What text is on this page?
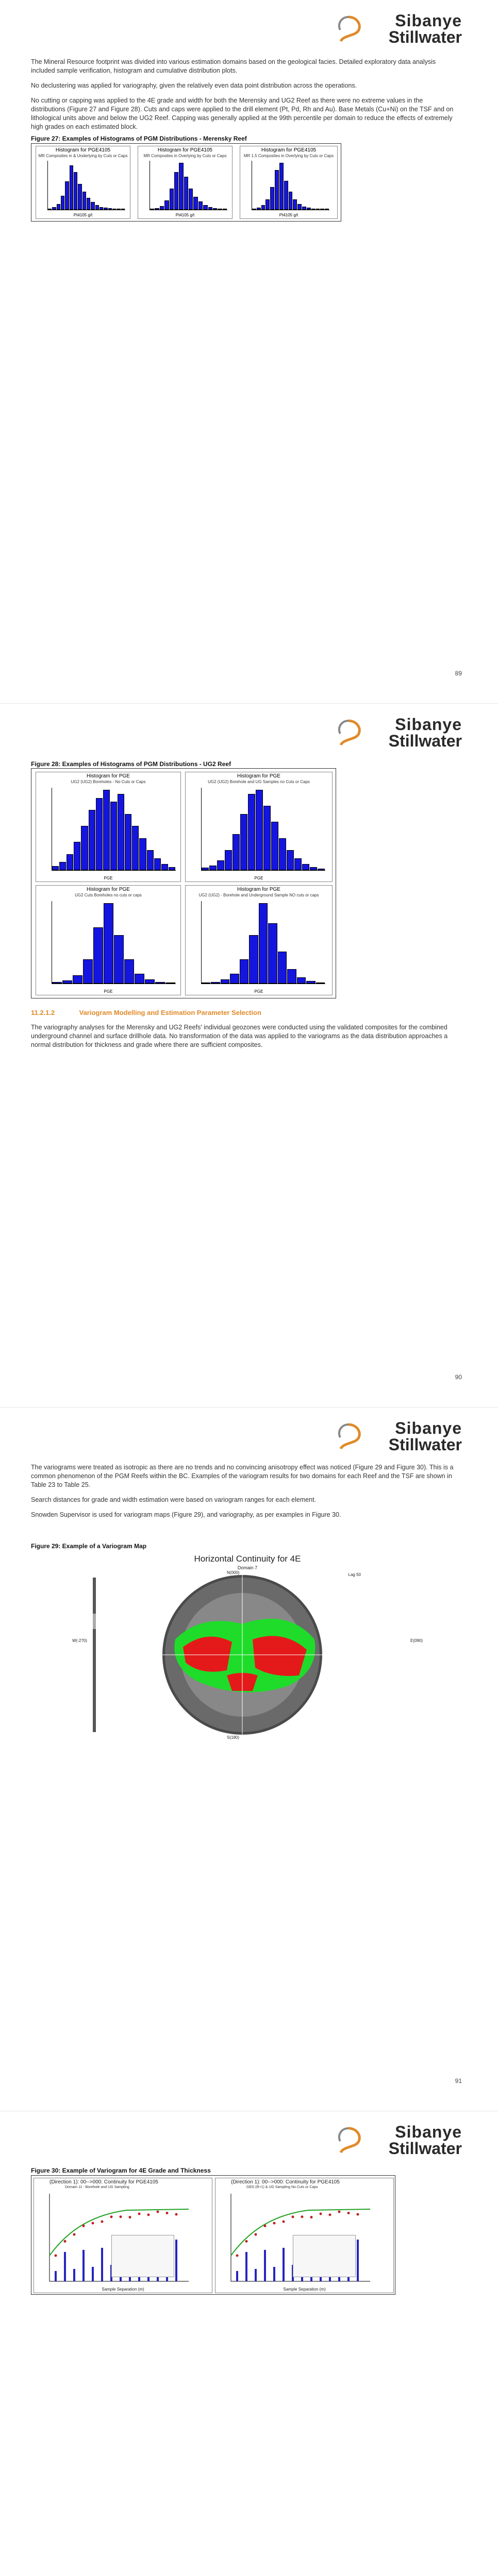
Sibanye
Stillwater

The Mineral Resource footprint was divided into various estimation domains based on the geological facies. Detailed exploratory data analysis included sample verification, histogram and cumulative distribution plots.

No declustering was applied for variography, given the relatively even data point distribution across the operations.

No cutting or capping was applied to the 4E grade and width for both the Merensky and UG2 Reef as there were no extreme values in the distributions (Figure 27 and Figure 28). Cuts and caps were applied to the drill element (Pt, Pd, Rh and Au). Base Metals (Cu+Ni) on the TSF and on lithological units above and below the UG2 Reef. Capping was generally applied at the 99th percentile per domain to reduce the effects of extremely high grades on each estimated block.

Figure 27: Examples of Histograms of PGM Distributions - Merensky Reef
Histogram for PGE4105
MR Composites in & Underlying by Cuts or Caps
Pt4105 g/t
Histogram for PGE4105
MR Composites in Overlying by Cuts or Caps
Pt4105 g/t
Histogram for PGE4105
MR 1.5 Composites in Overlying by Cuts or Caps
Pt4105 g/t
89
Sibanye
Stillwater
Figure 28: Examples of Histograms of PGM Distributions - UG2 Reef
Histogram for PGE
UG2 (UG2) Boreholes - No Cuts or Caps
PGE
Histogram for PGE
UG2 (UG2) Borehole and UG Samples no Cuts or Caps
PGE
Histogram for PGE
UG2 Cuts Boreholes no cuts or caps
PGE
Histogram for PGE
UG2 (UG2) - Borehole and Underground Sample NO cuts or caps
PGE
11.2.1.2	Variogram Modelling and Estimation Parameter Selection

The variography analyses for the Merensky and UG2 Reefs' individual geozones were conducted using the validated composites for the combined underground channel and surface drillhole data. No transformation of the data was applied to the variograms as the data distribution approaches a normal distribution for thickness and grade where there are sufficient composites.

90
Sibanye
Stillwater

The variograms were treated as isotropic as there are no trends and no convincing anisotropy effect was noticed (Figure 29 and Figure 30). This is a common phenomenon of the PGM Reefs within the BC. Examples of the variogram results for two domains for each Reef and the TSF are shown in Table 23 to Table 25.

Search distances for grade and width estimation were based on variogram ranges for each element.

Snowden Supervisor is used for variogram maps (Figure 29), and variography, as per examples in Figure 30.

Figure 29: Example of a Variogram Map
Horizontal Continuity for 4E
Domain 7
W(-270)	E(090)
N(000)
S(180)
Lag 50
91
Sibanye
Stillwater
Figure 30: Example of Variogram for 4E Grade and Thickness
(Direction 1): 00-->000: Continuity for PGE4105
Domain 11 - Borehole and UG Sampling
Sample Separation (m)
(Direction 1): 00-->000: Continuity for PGE4105
GED (R+1) & UG Sampling No Cuts or Caps
Sample Separation (m)
